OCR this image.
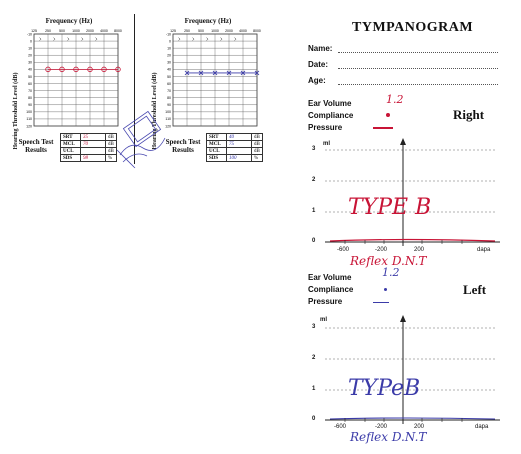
Frequency (Hz)
Hearing Threshold Level (dB)
125 250 500 1000 2000 4000 8000
-10
0
10
20
30
40
50
60
70
80
90
100
110
120
Speech Test Results
SRT	35	dB
MCL	70	dB
UCL		dB
SDS	98	%
Frequency (Hz)
Hearing Threshold Level (dB)
125 250 500 1000 2000 4000 8000
-10
0
10
20
30
40
50
60
70
80
90
100
110
120
Speech Test Results
SRT	40	dB
MCL	75	dB
UCL		dB
SDS	100	%
TYMPANOGRAM
Name:
Date:
Age:
Ear Volume	1.2
Compliance
Pressure
Right
ml
3
2
1
0
-600	-200	200	dapa
TYPE B
Reflex D.N.T
Ear Volume	1.2
Compliance
Pressure
Left
ml
3
2
1
0
-600	-200	200	dapa
TYPeB
Reflex D.N.T
